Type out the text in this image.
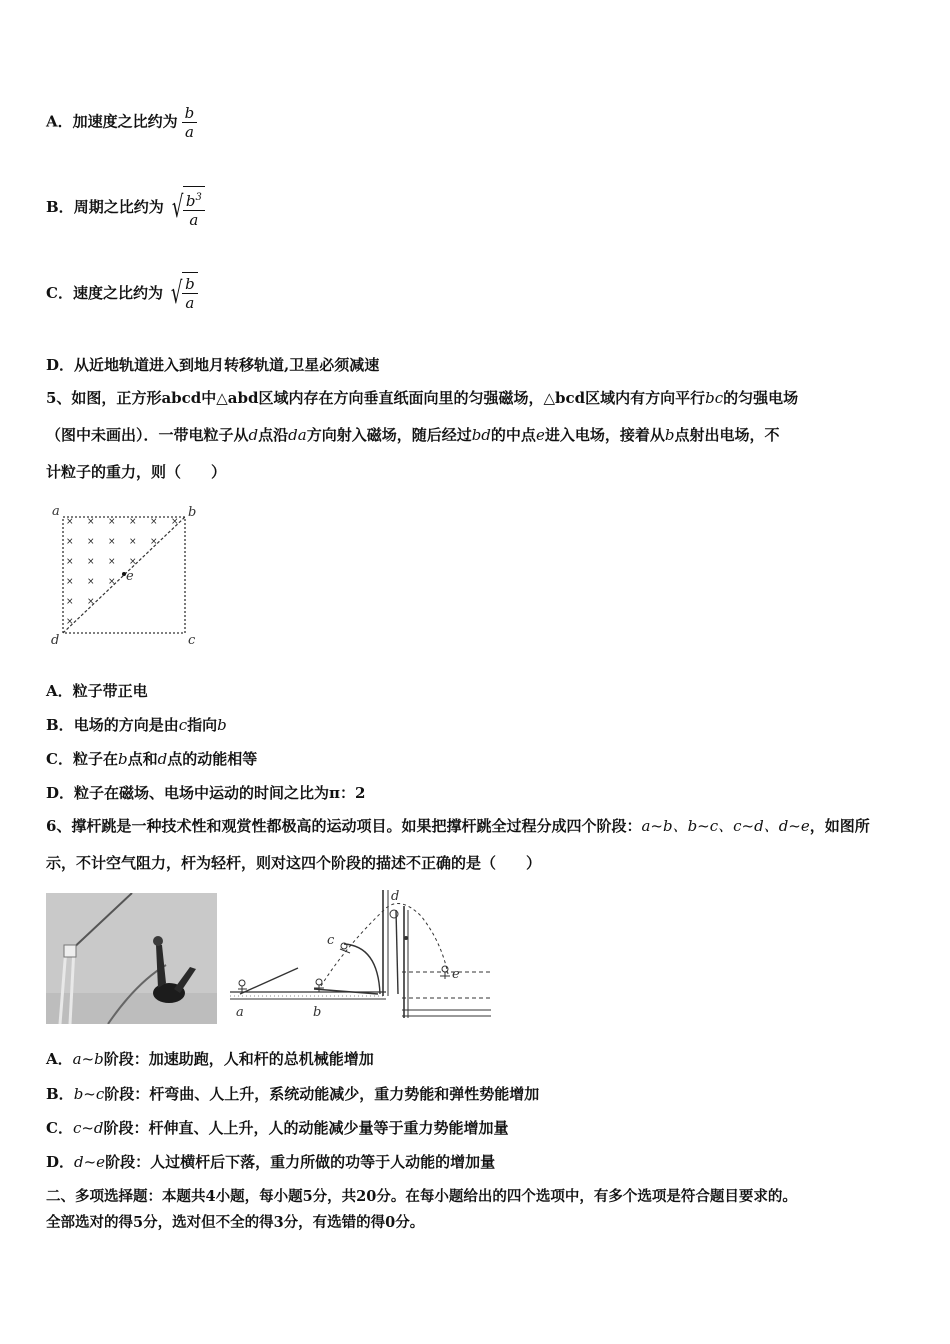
A．加速度之比约为 $\frac{b}{a}$
B．周期之比约为 √ $\frac{b^3}{a}$
C．速度之比约为 √ $\frac{b}{a}$
D．从近地轨道进入到地月转移轨道,卫星必须减速
5、如图，正方形abcd中△abd区域内存在方向垂直纸面向里的匀强磁场，△bcd区域内有方向平行bc的匀强电场
（图中未画出）．一带电粒子从d点沿da方向射入磁场，随后经过bd的中点e进入电场，接着从b点射出电场，不
计粒子的重力，则（　　）
× × × × × ×
× × × × ×
× × × ×
× × ×
× ×
×
a	b
c
d
e
A．粒子带正电
B．电场的方向是由c指向b
C．粒子在b点和d点的动能相等
D．粒子在磁场、电场中运动的时间之比为π：2
6、撑杆跳是一种技术性和观赏性都极高的运动项目。如果把撑杆跳全过程分成四个阶段：a~b、b~c、c~d、d~e，如图所
示，不计空气阻力，杆为轻杆，则对这四个阶段的描述不正确的是（　　）
a	b
c
d
e
A．a~b阶段：加速助跑，人和杆的总机械能增加
B．b~c阶段：杆弯曲、人上升，系统动能减少，重力势能和弹性势能增加
C．c~d阶段：杆伸直、人上升，人的动能减少量等于重力势能增加量
D．d~e阶段：人过横杆后下落，重力所做的功等于人动能的增加量
二、多项选择题：本题共4小题，每小题5分，共20分。在每小题给出的四个选项中，有多个选项是符合题目要求的。
全部选对的得5分，选对但不全的得3分，有选错的得0分。
